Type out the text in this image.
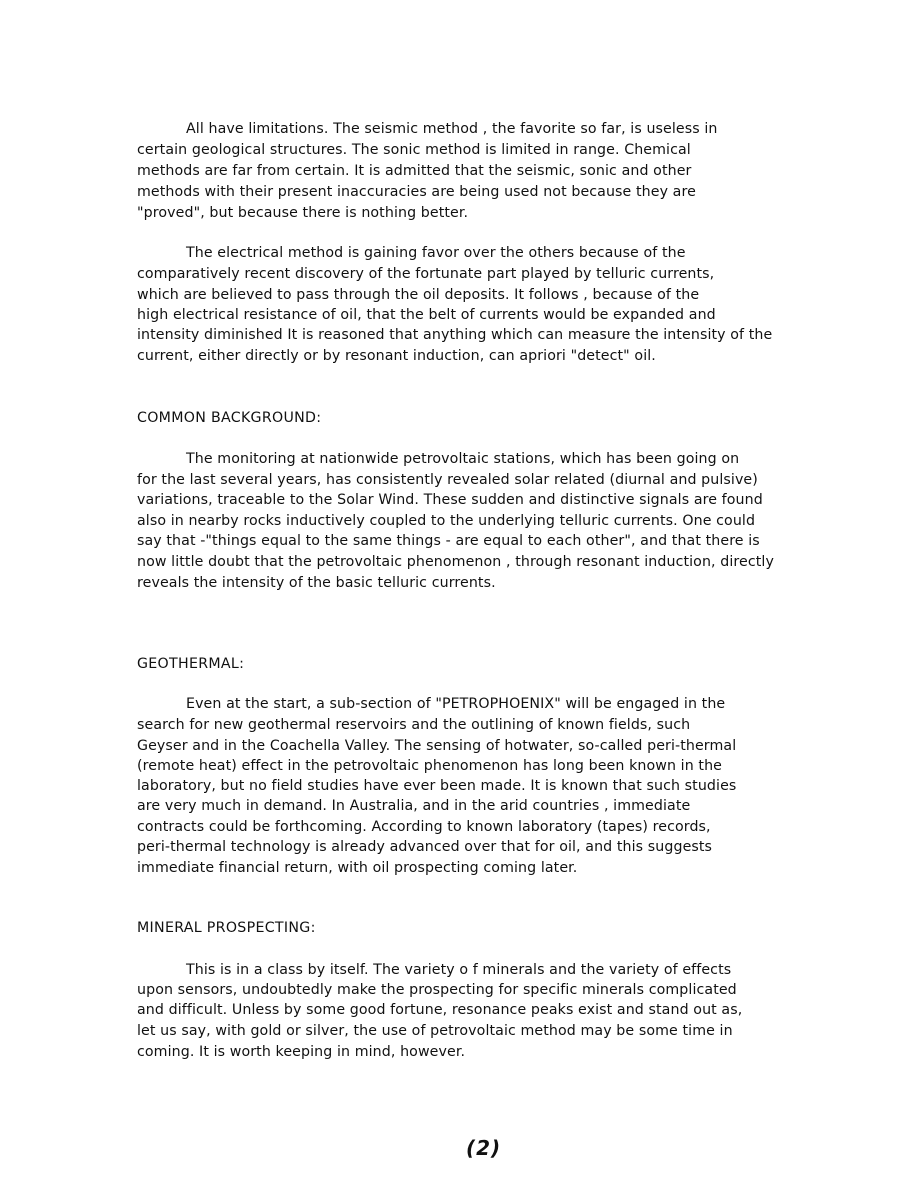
All have limitations. The seismic method , the favorite so far, is useless in
certain geological structures. The sonic method is limited in range. Chemical
methods are far from certain. It is admitted that the seismic, sonic and other
methods with their present inaccuracies are being used not because they are
"proved", but because there is nothing better.
The electrical method is gaining favor over the others because of the
comparatively recent discovery of the fortunate part played by telluric currents,
which are believed to pass through the oil deposits. It follows , because of the
high electrical resistance of oil, that the belt of currents would be expanded and
intensity diminished It is reasoned that anything which can measure the intensity of the
current, either directly or by resonant induction, can apriori "detect" oil.
COMMON BACKGROUND:
The monitoring at nationwide petrovoltaic stations, which has been going on
for the last several years, has consistently revealed solar related (diurnal and pulsive)
variations, traceable to the Solar Wind. These sudden and distinctive signals are found
also in nearby rocks inductively coupled to the underlying telluric currents. One could
say that -"things equal to the same things - are equal to each other", and that there is
now little doubt that the petrovoltaic phenomenon , through resonant induction, directly
reveals the intensity of the basic telluric currents.
GEOTHERMAL:
Even at the start, a sub-section of "PETROPHOENIX" will be engaged in the
search for new geothermal reservoirs and the outlining of known fields, such
Geyser and in the Coachella Valley. The sensing of hotwater, so-called peri-thermal
(remote heat) effect in the petrovoltaic phenomenon has long been known in the
laboratory, but no field studies have ever been made. It is known that such studies
are very much in demand. In Australia, and in the arid countries , immediate
contracts could be forthcoming. According to known laboratory (tapes) records,
peri-thermal technology is already advanced over that for oil, and this suggests
immediate financial return, with oil prospecting coming later.
MINERAL PROSPECTING:
This is in a class by itself. The variety o f minerals and the variety of effects
upon sensors, undoubtedly make the prospecting for specific minerals complicated
and difficult. Unless by some good fortune, resonance peaks exist and stand out as,
let us say, with gold or silver, the use of petrovoltaic method may be some time in
coming. It is worth keeping in mind, however.
(2)
